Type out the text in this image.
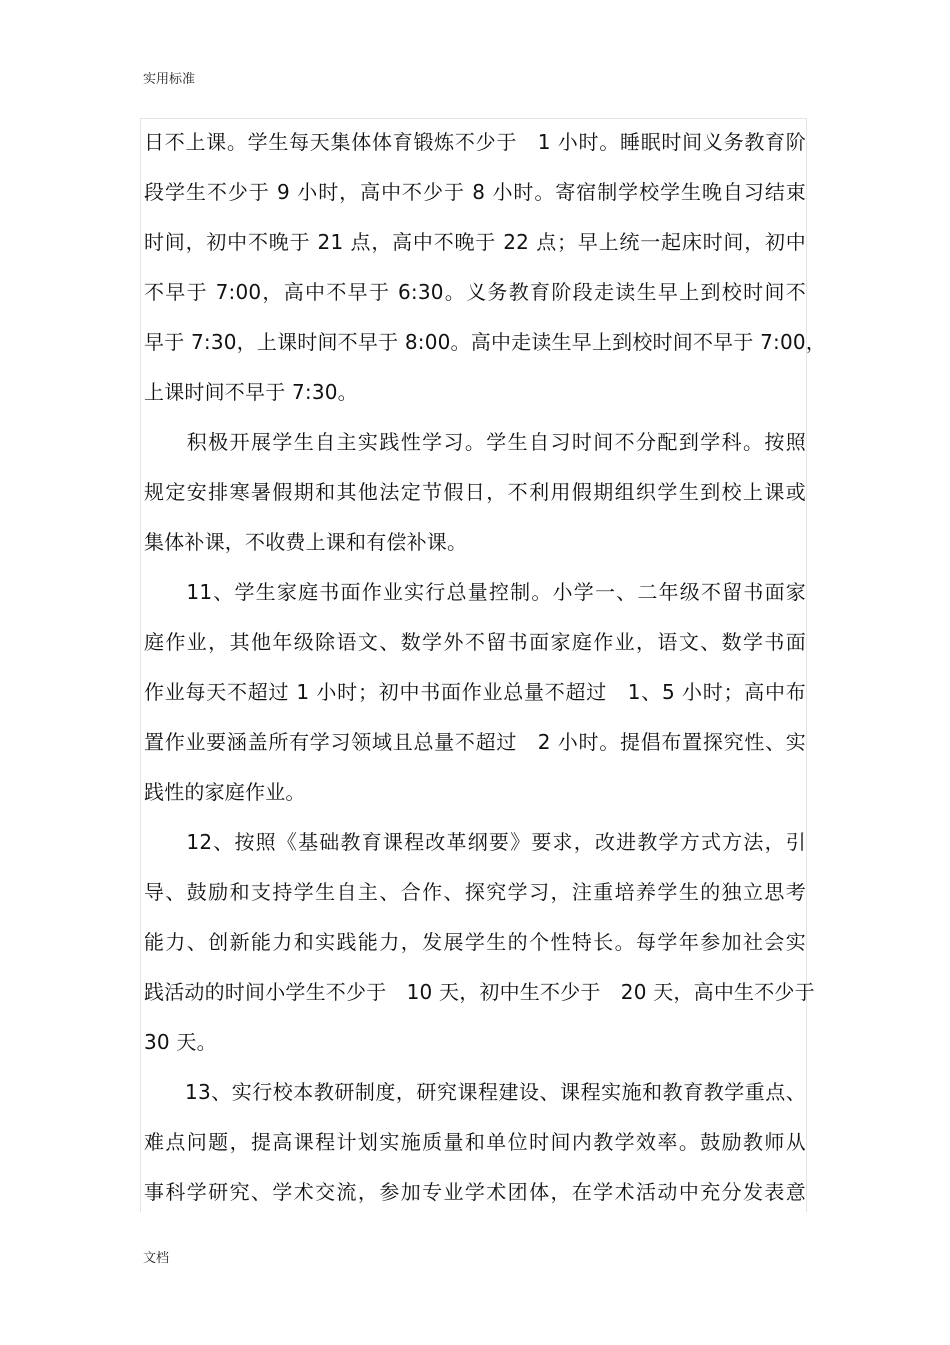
实用标准
日不上课。学生每天集体体育锻炼不少于　1 小时。睡眠时间义务教育阶
段学生不少于 9 小时，高中不少于 8 小时。寄宿制学校学生晚自习结束
时间，初中不晚于 21 点，高中不晚于 22 点；早上统一起床时间，初中
不早于 7:00，高中不早于 6:30。义务教育阶段走读生早上到校时间不
早于 7:30，上课时间不早于 8:00。高中走读生早上到校时间不早于 7:00，
上课时间不早于 7:30。
　　积极开展学生自主实践性学习。学生自习时间不分配到学科。按照
规定安排寒暑假期和其他法定节假日，不利用假期组织学生到校上课或
集体补课，不收费上课和有偿补课。
　　11、学生家庭书面作业实行总量控制。小学一、二年级不留书面家
庭作业，其他年级除语文、数学外不留书面家庭作业，语文、数学书面
作业每天不超过 1 小时；初中书面作业总量不超过　1、5 小时；高中布
置作业要涵盖所有学习领域且总量不超过　2 小时。提倡布置探究性、实
践性的家庭作业。
　　12、按照《基础教育课程改革纲要》要求，改进教学方式方法，引
导、鼓励和支持学生自主、合作、探究学习，注重培养学生的独立思考
能力、创新能力和实践能力，发展学生的个性特长。每学年参加社会实
践活动的时间小学生不少于　10 天，初中生不少于　20 天，高中生不少于
30 天。
　　13、实行校本教研制度，研究课程建设、课程实施和教育教学重点、
难点问题，提高课程计划实施质量和单位时间内教学效率。鼓励教师从
事科学研究、学术交流，参加专业学术团体，在学术活动中充分发表意
文档
